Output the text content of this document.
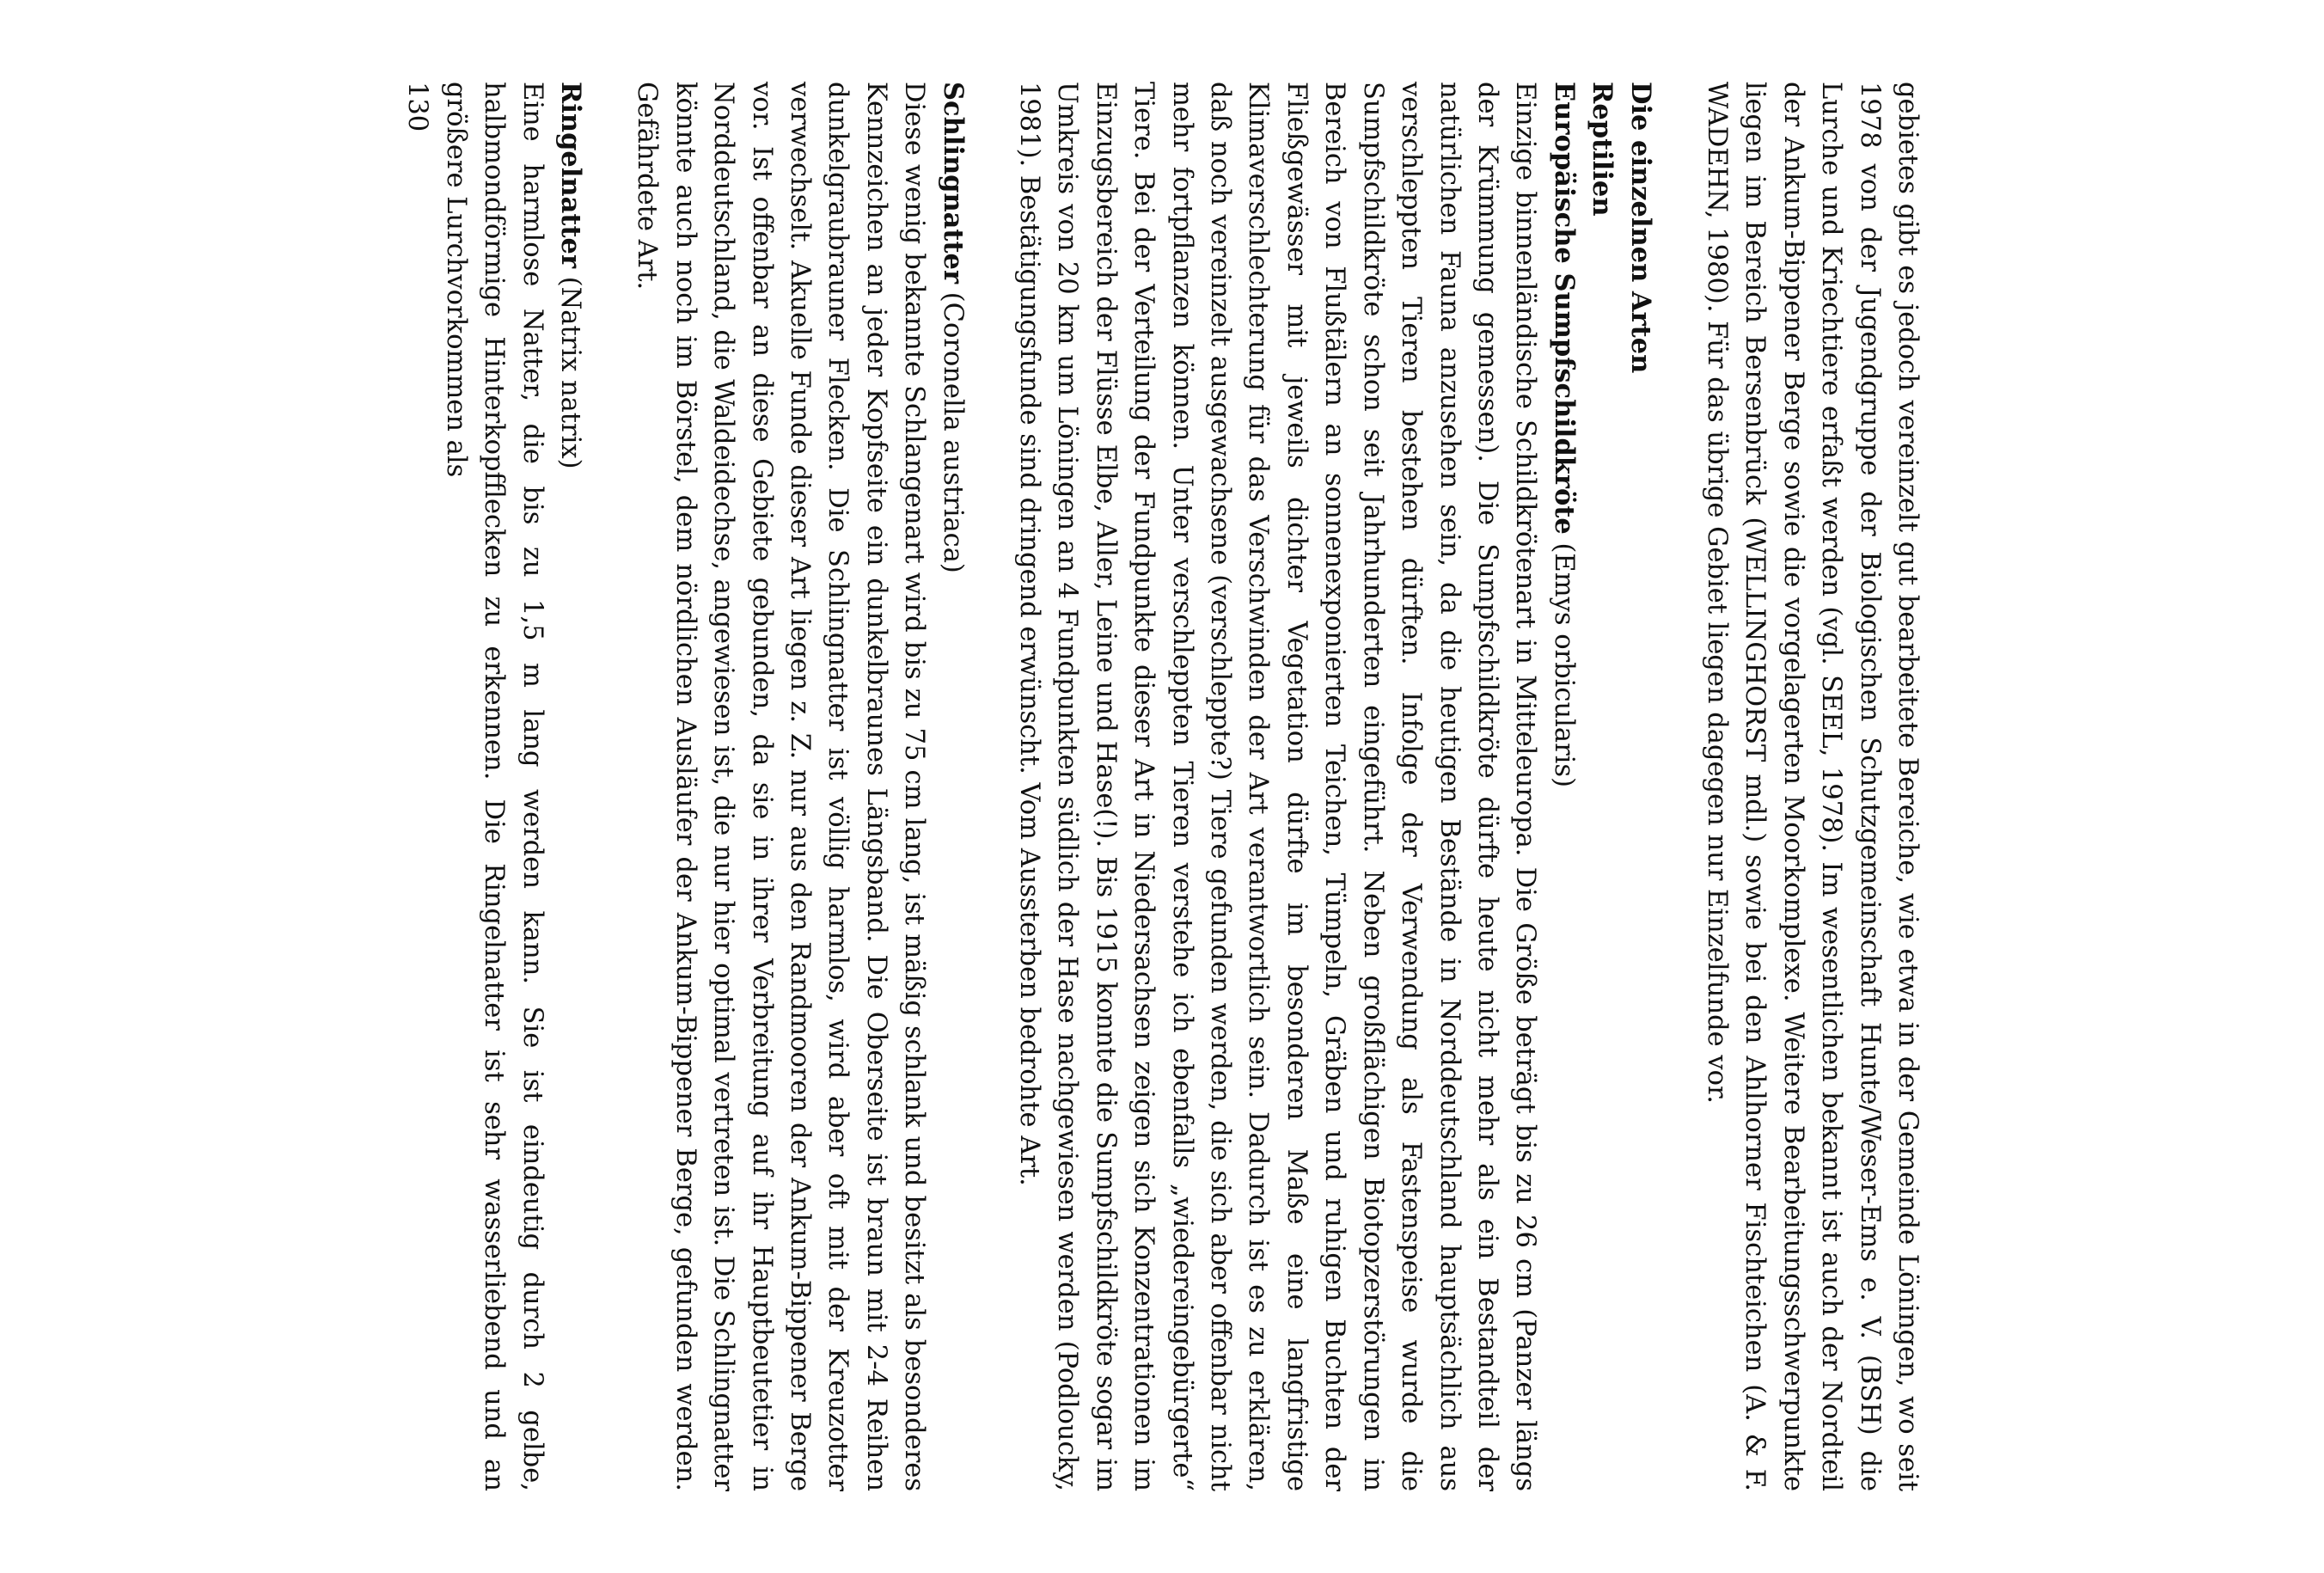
gebietes gibt es jedoch vereinzelt gut bearbeitete Bereiche, wie etwa in der Gemeinde Löningen, wo seit 1978 von der Jugendgruppe der Biologischen Schutzgemeinschaft Hunte/Weser-Ems e. V. (BSH) die Lurche und Kriechtiere erfaßt werden (vgl. SEEL, 1978). Im wesentlichen bekannt ist auch der Nordteil der Ankum-Bippener Berge sowie die vorgelagerten Moorkomplexe. Weitere Bearbeitungsschwerpunkte liegen im Bereich Bersenbrück (WELLINGHORST mdl.) sowie bei den Ahlhorner Fischteichen (A. & F. WADEHN, 1980). Für das übrige Gebiet liegen dagegen nur Einzelfunde vor.

Die einzelnen Arten

Reptilien

Europäische Sumpfschildkröte (Emys orbicularis)

Einzige binnenländische Schildkrötenart in Mitteleuropa. Die Größe beträgt bis zu 26 cm (Panzer längs der Krümmung gemessen). Die Sumpfschildkröte dürfte heute nicht mehr als ein Bestandteil der natürlichen Fauna anzusehen sein, da die heutigen Bestände in Norddeutschland hauptsächlich aus verschleppten Tieren bestehen dürften. Infolge der Verwendung als Fastenspeise wurde die Sumpfschildkröte schon seit Jahrhunderten eingeführt. Neben großflächigen Biotopzerstörungen im Bereich von Flußtälern an sonnenexponierten Teichen, Tümpeln, Gräben und ruhigen Buchten der Fließgewässer mit jeweils dichter Vegetation dürfte im besonderen Maße eine langfristige Klimaverschlechterung für das Verschwinden der Art verantwortlich sein. Dadurch ist es zu erklären, daß noch vereinzelt ausgewachsene (verschleppte?) Tiere gefunden werden, die sich aber offenbar nicht mehr fortpflanzen können. Unter verschleppten Tieren verstehe ich ebenfalls „wiedereingebürgerte“ Tiere. Bei der Verteilung der Fundpunkte dieser Art in Niedersachsen zeigen sich Konzentrationen im Einzugsbereich der Flüsse Elbe, Aller, Leine und Hase(!). Bis 1915 konnte die Sumpfschildkröte sogar im Umkreis von 20 km um Löningen an 4 Fundpunkten südlich der Hase nachgewiesen werden (Podloucky, 1981). Bestätigungsfunde sind dringend erwünscht. Vom Aussterben bedrohte Art.

Schlingnatter (Coronella austriaca)

Diese wenig bekannte Schlangenart wird bis zu 75 cm lang, ist mäßig schlank und besitzt als besonderes Kennzeichen an jeder Kopfseite ein dunkelbraunes Längsband. Die Oberseite ist braun mit 2-4 Reihen dunkelgraubrauner Flecken. Die Schlingnatter ist völlig harmlos, wird aber oft mit der Kreuzotter verwechselt. Akuelle Funde dieser Art liegen z. Z. nur aus den Randmooren der Ankum-Bippener Berge vor. Ist offenbar an diese Gebiete gebunden, da sie in ihrer Verbreitung auf ihr Hauptbeutetier in Norddeutschland, die Waldeidechse, angewiesen ist, die nur hier optimal vertreten ist. Die Schlingnatter könnte auch noch im Börstel, dem nördlichen Ausläufer der Ankum-Bippener Berge, gefunden werden. Gefährdete Art.

Ringelnatter (Natrix natrix)

Eine harmlose Natter, die bis zu 1,5 m lang werden kann. Sie ist eindeutig durch 2 gelbe, halbmondförmige Hinterkopfflecken zu erkennen. Die Ringelnatter ist sehr wasserliebend und an größere Lurchvorkommen als

130
